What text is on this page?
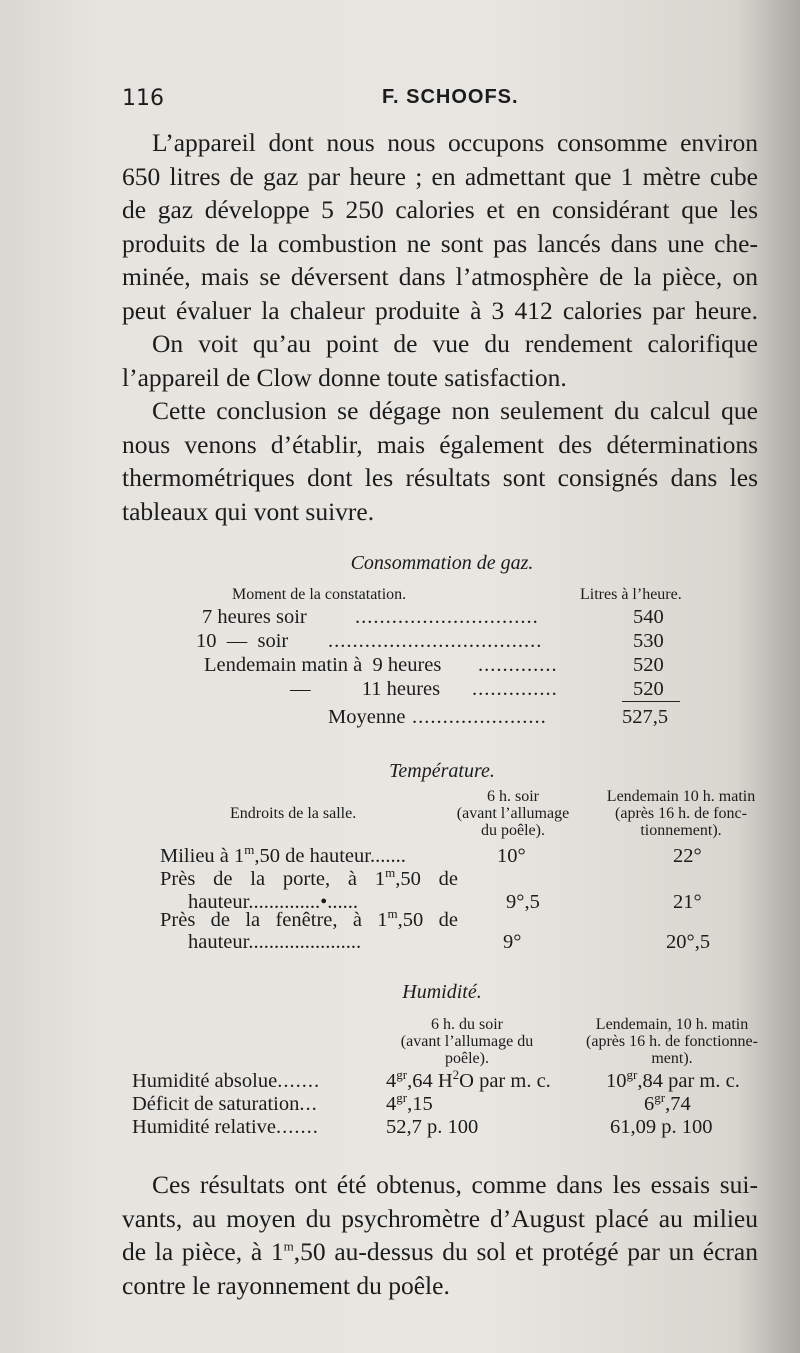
116	F. SCHOOFS.
L’appareil dont nous nous occupons consomme environ
650 litres de gaz par heure ; en admettant que 1 mètre cube
de gaz développe 5 250 calories et en considérant que les
produits de la combustion ne sont pas lancés dans une che-
minée, mais se déversent dans l’atmosphère de la pièce, on
peut évaluer la chaleur produite à 3 412 calories par heure.
On voit qu’au point de vue du rendement calorifique
l’appareil de Clow donne toute satisfaction.
Cette conclusion se dégage non seulement du calcul que
nous venons d’établir, mais également des déterminations
thermométriques dont les résultats sont consignés dans les
tableaux qui vont suivre.
Consommation de gaz.
Moment de la constatation.	Litres à l’heure.
7 heures soir ..............................	540
10  —  soir ...................................	530
Lendemain matin à  9 heures .............	520
—          11 heures ..............	520
Moyenne ......................	527,5
Température.
Endroits de la salle.
6 h. soir
(avant l’allumage
du poêle).
Lendemain 10 h. matin
(après 16 h. de fonc-
tionnement).
Milieu à 1$^m$,50 de hauteur.......	10°	22°
Près de la porte, à 1$^m$,50 de
hauteur..............•......	9°,5	21°
Près de la fenêtre, à 1$^m$,50 de
hauteur......................	9°	20°,5
Humidité.
6 h. du soir
(avant l’allumage du
poêle).
Lendemain, 10 h. matin
(après 16 h. de fonctionne-
ment).
Humidité absolue.......	$4^{gr},64$ $H^2O$ par m. c.	$10^{gr},84$ par m. c.
Déficit de saturation...	$4^{gr},15$	$6^{gr},74$
Humidité relative.......	52,7 p. 100	61,09 p. 100
Ces résultats ont été obtenus, comme dans les essais sui-
vants, au moyen du psychromètre d’August placé au milieu
de la pièce, à 1$^m$,50 au-dessus du sol et protégé par un écran
contre le rayonnement du poêle.
